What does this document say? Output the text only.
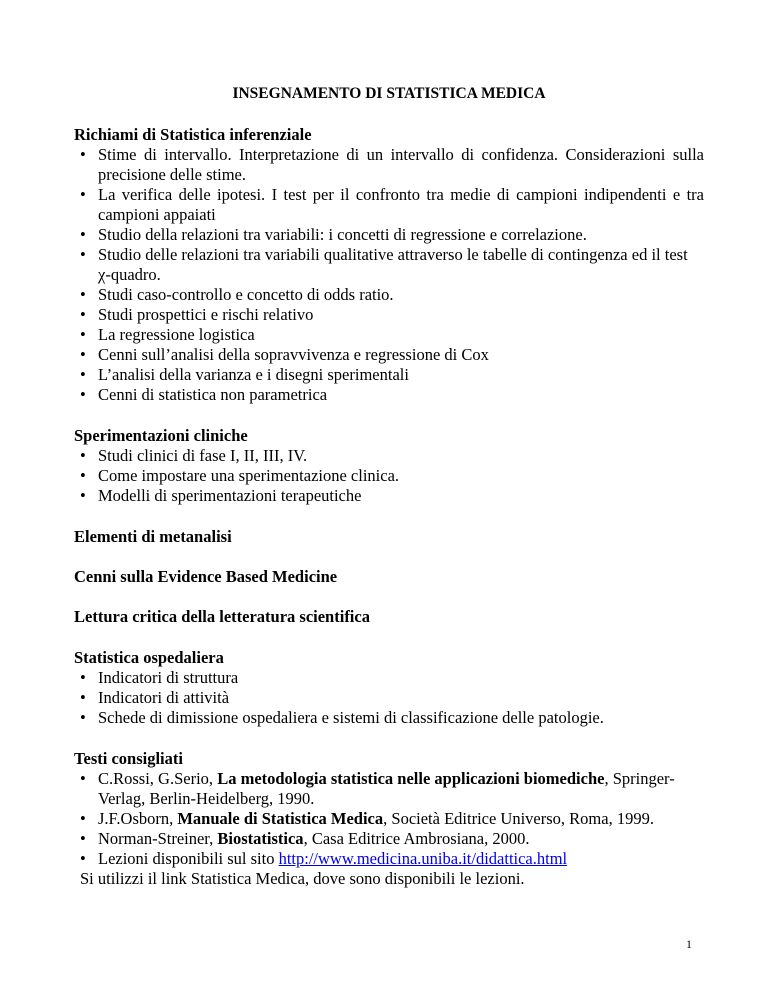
INSEGNAMENTO DI STATISTICA MEDICA
Richiami di Statistica inferenziale
• Stime di intervallo. Interpretazione di un intervallo di confidenza. Considerazioni sulla precisione delle stime.
• La verifica delle ipotesi. I test per il confronto tra medie di campioni indipendenti e tra campioni appaiati
• Studio della relazioni tra variabili: i concetti di regressione e correlazione.
• Studio delle relazioni tra variabili qualitative attraverso le tabelle di contingenza ed il test χ-quadro.
• Studi caso-controllo e concetto di odds ratio.
• Studi prospettici e rischi relativo
• La regressione logistica
• Cenni sull’analisi della sopravvivenza e regressione di Cox
• L’analisi della varianza e i disegni sperimentali
• Cenni di statistica non parametrica
Sperimentazioni cliniche
• Studi clinici di fase I, II, III, IV.
• Come impostare una sperimentazione clinica.
• Modelli di sperimentazioni terapeutiche
Elementi di metanalisi
Cenni sulla Evidence Based Medicine
Lettura critica della letteratura scientifica
Statistica ospedaliera
• Indicatori di struttura
• Indicatori di attività
• Schede di dimissione ospedaliera e sistemi di classificazione delle patologie.
Testi consigliati
• C.Rossi, G.Serio, La metodologia statistica nelle applicazioni biomediche, Springer-Verlag, Berlin-Heidelberg, 1990.
• J.F.Osborn, Manuale di Statistica Medica, Società Editrice Universo, Roma, 1999.
• Norman-Streiner, Biostatistica, Casa Editrice Ambrosiana, 2000.
• Lezioni disponibili sul sito http://www.medicina.uniba.it/didattica.html
Si utilizzi il link Statistica Medica, dove sono disponibili le lezioni.
1
